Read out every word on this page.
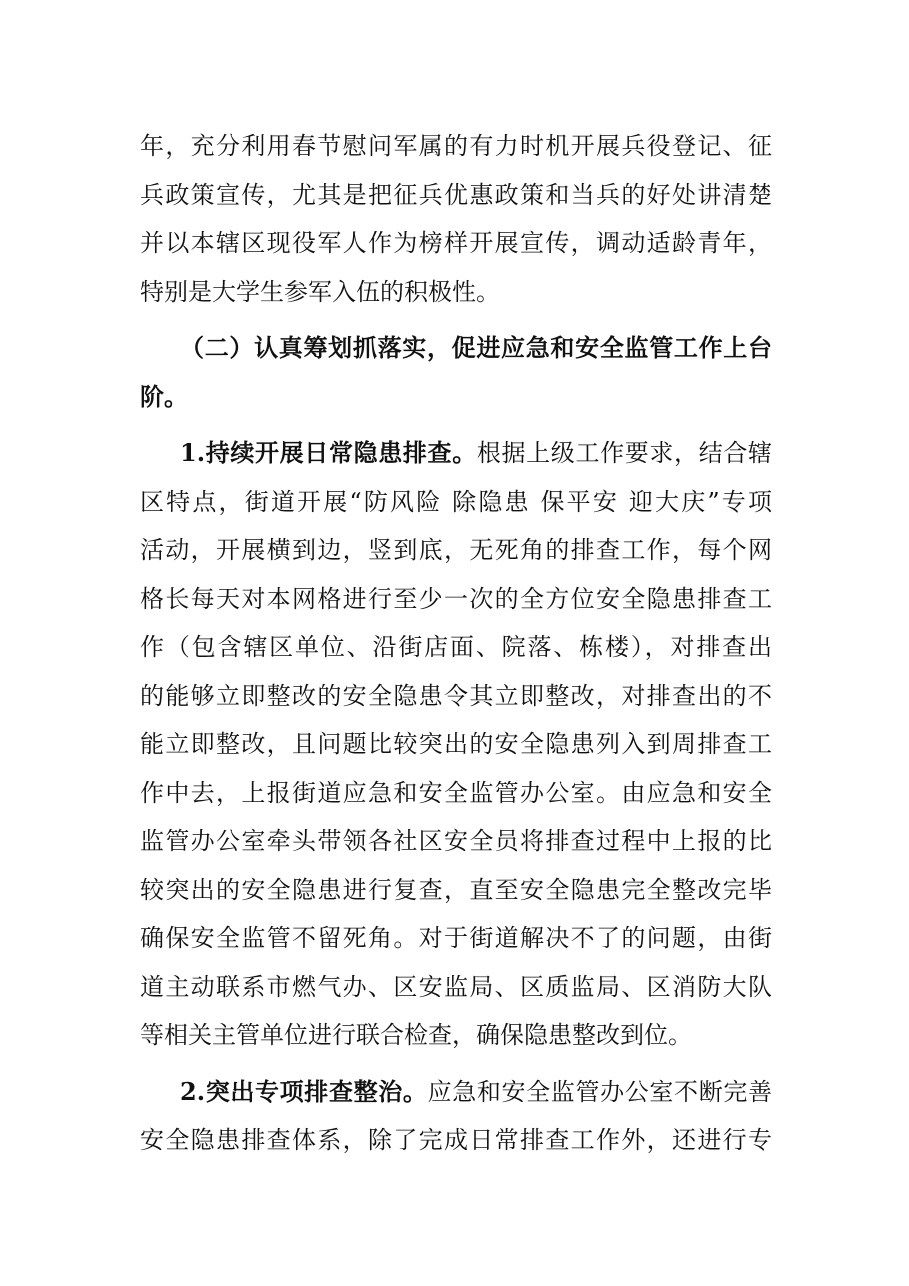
年，充分利用春节慰问军属的有力时机开展兵役登记、征
兵政策宣传，尤其是把征兵优惠政策和当兵的好处讲清楚
并以本辖区现役军人作为榜样开展宣传，调动适龄青年，
特别是大学生参军入伍的积极性。
（二）认真筹划抓落实，促进应急和安全监管工作上台
阶。
1.持续开展日常隐患排查。根据上级工作要求，结合辖
区特点，街道开展“防风险 除隐患 保平安 迎大庆”专项
活动，开展横到边，竖到底，无死角的排查工作，每个网
格长每天对本网格进行至少一次的全方位安全隐患排查工
作（包含辖区单位、沿街店面、院落、栋楼），对排查出
的能够立即整改的安全隐患令其立即整改，对排查出的不
能立即整改，且问题比较突出的安全隐患列入到周排查工
作中去，上报街道应急和安全监管办公室。由应急和安全
监管办公室牵头带领各社区安全员将排查过程中上报的比
较突出的安全隐患进行复查，直至安全隐患完全整改完毕
确保安全监管不留死角。对于街道解决不了的问题，由街
道主动联系市燃气办、区安监局、区质监局、区消防大队
等相关主管单位进行联合检查，确保隐患整改到位。
2.突出专项排查整治。应急和安全监管办公室不断完善
安全隐患排查体系，除了完成日常排查工作外，还进行专
